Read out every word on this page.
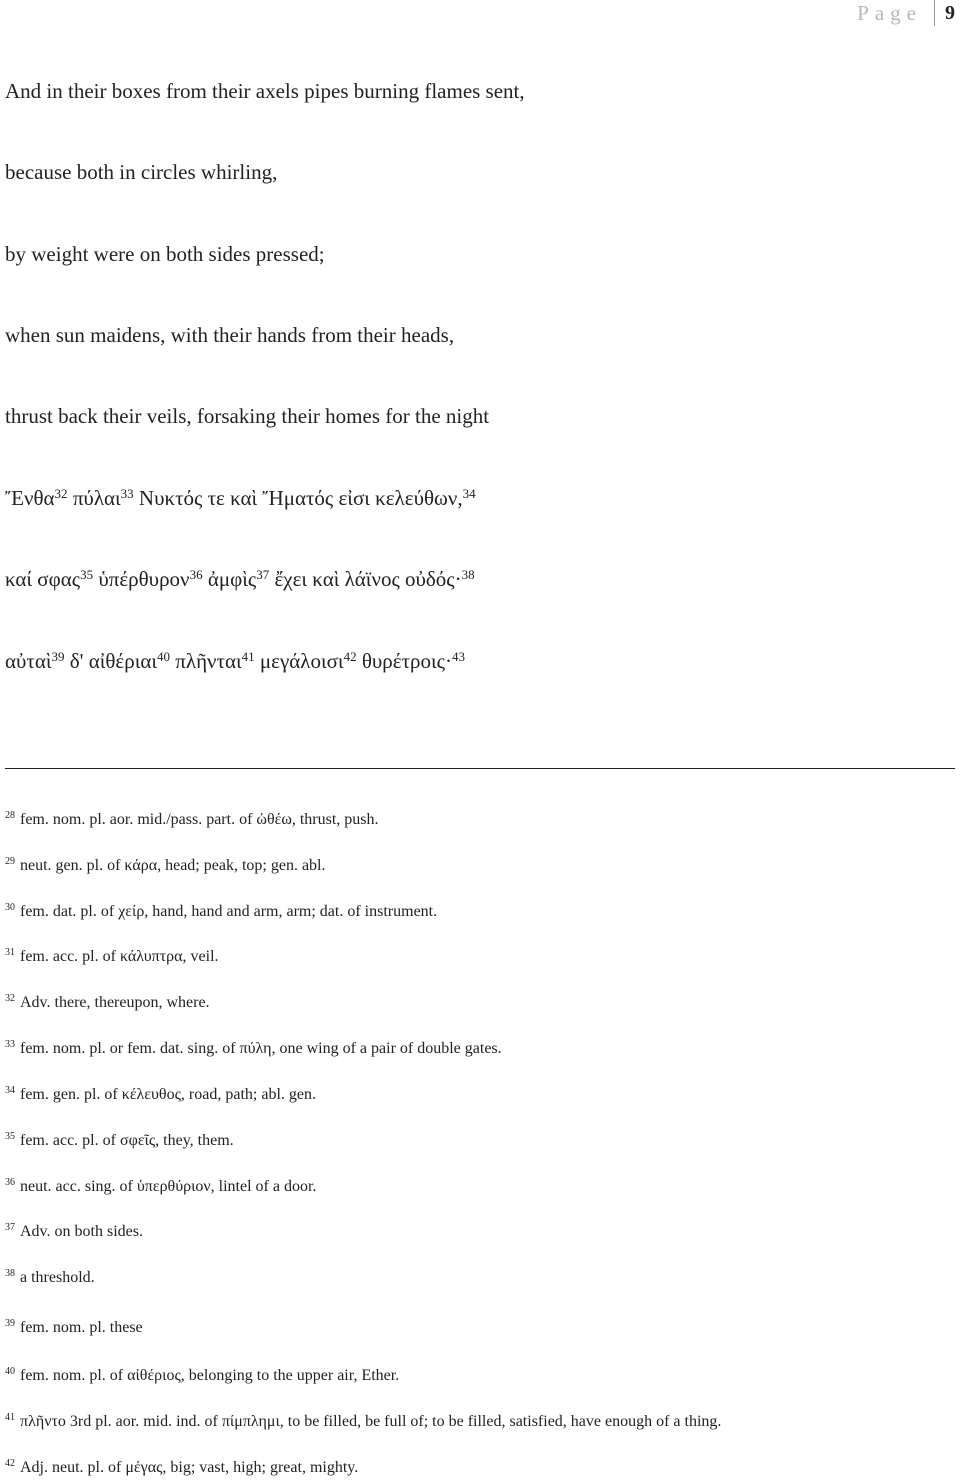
Page 9
And in their boxes from their axels pipes burning flames sent,
because both in circles whirling,
by weight were on both sides pressed;
when sun maidens, with their hands from their heads,
thrust back their veils, forsaking their homes for the night
Ἔνθα$^{32}$ πύλαι$^{33}$ Νυκτός τε καὶ Ἤματός εἰσι κελεύθων,$^{34}$
καί σφας$^{35}$ ὑπέρθυρον$^{36}$ ἀμφὶς$^{37}$ ἔχει καὶ λάϊνος οὐδός·$^{38}$
αὐταὶ$^{39}$ δ' αἰθέριαι$^{40}$ πλῆνται$^{41}$ μεγάλοισι$^{42}$ θυρέτροις·$^{43}$
$^{28}$ fem. nom. pl. aor. mid./pass. part. of ὠθέω, thrust, push.
$^{29}$ neut. gen. pl. of κάρα, head; peak, top; gen. abl.
$^{30}$ fem. dat. pl. of χείρ, hand, hand and arm, arm; dat. of instrument.
$^{31}$ fem. acc. pl. of κάλυπτρα, veil.
$^{32}$ Adv. there, thereupon, where.
$^{33}$ fem. nom. pl. or fem. dat. sing. of πύλη, one wing of a pair of double gates.
$^{34}$ fem. gen. pl. of κέλευθος, road, path; abl. gen.
$^{35}$ fem. acc. pl. of σφεῖς, they, them.
$^{36}$ neut. acc. sing. of ὑπερθύριον, lintel of a door.
$^{37}$ Adv. on both sides.
$^{38}$ a threshold.
$^{39}$ fem. nom. pl. these
$^{40}$ fem. nom. pl. of αἰθέριος, belonging to the upper air, Ether.
$^{41}$ πλῆντο 3rd pl. aor. mid. ind. of πίμπλημι, to be filled, be full of; to be filled, satisfied, have enough of a thing.
$^{42}$ Adj. neut. pl. of μέγας, big; vast, high; great, mighty.
